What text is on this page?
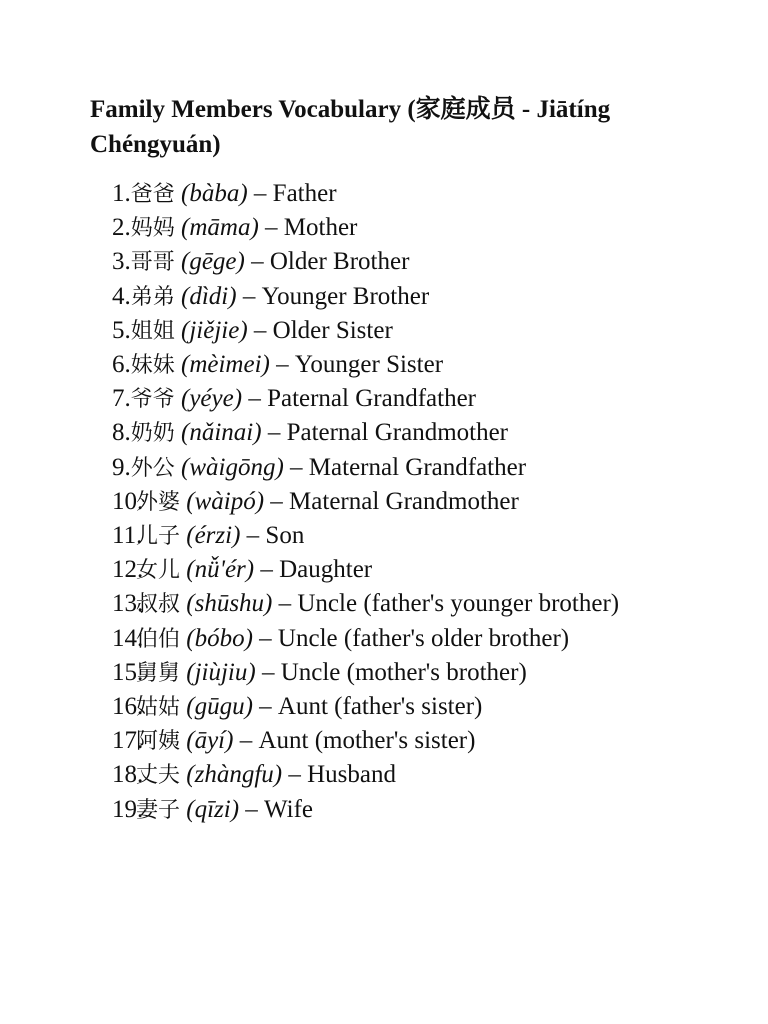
Family Members Vocabulary (家庭成员 - Jiātíng Chéngyuán)
1.爸爸 (bàba) – Father
2.妈妈 (māma) – Mother
3.哥哥 (gēge) – Older Brother
4.弟弟 (dìdi) – Younger Brother
5.姐姐 (jiějie) – Older Sister
6.妹妹 (mèimei) – Younger Sister
7.爷爷 (yéye) – Paternal Grandfather
8.奶奶 (nǎinai) – Paternal Grandmother
9.外公 (wàigōng) – Maternal Grandfather
10.
外婆 (wàipó) – Maternal Grandmother
11.
儿子 (érzi) – Son
12.
女儿 (nǚ'ér) – Daughter
13.
叔叔 (shūshu) – Uncle (father's younger brother)
14.
伯伯 (bóbo) – Uncle (father's older brother)
15.
舅舅 (jiùjiu) – Uncle (mother's brother)
16.
姑姑 (gūgu) – Aunt (father's sister)
17.
阿姨 (āyí) – Aunt (mother's sister)
18.
丈夫 (zhàngfu) – Husband
19.
妻子 (qīzi) – Wife
